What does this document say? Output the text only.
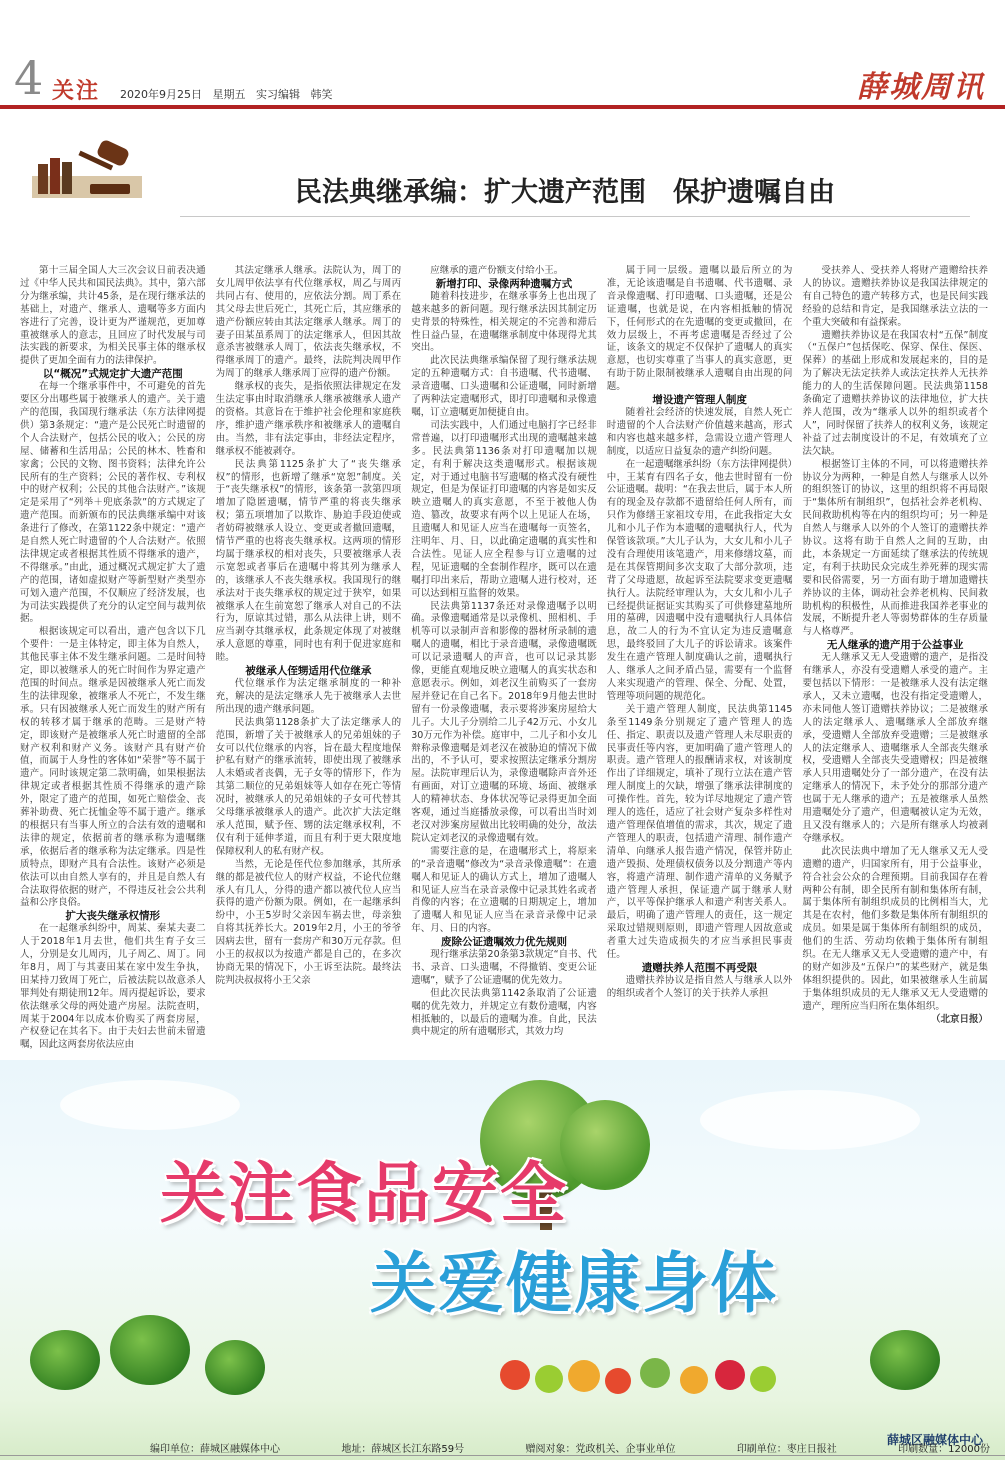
4 关注 2020年9月25日   星期五   实习编辑   韩笑	薛城周讯
民法典继承编：扩大遗产范围　保护遗嘱自由

第十三届全国人大三次会议日前表决通过《中华人民共和国民法典》。其中，第六部分为继承编，共计45条，是在现行继承法的基础上，对遗产、继承人、遗嘱等多方面内容进行了完善，设计更为严谨规范，更加尊重被继承人的意志，且回应了时代发展与司法实践的新要求，为相关民事主体的继承权提供了更加全面有力的法律保护。

以“概况”式规定扩大遗产范围

在每一个继承事件中，不可避免的首先要区分出哪些属于被继承人的遗产。关于遗产的范围，我国现行继承法（东方法律网提供）第3条规定：“遗产是公民死亡时遗留的个人合法财产，包括公民的收入；公民的房屋、储蓄和生活用品；公民的林木、牲畜和家禽；公民的文物、图书资料；法律允许公民所有的生产资料；公民的著作权、专利权中的财产权利；公民的其他合法财产。”该规定是采用了“列举＋兜底条款”的方式规定了遗产范围。而新颁布的民法典继承编中对该条进行了修改，在第1122条中规定：“遗产是自然人死亡时遗留的个人合法财产。依照法律规定或者根据其性质不得继承的遗产，不得继承。”由此，通过概况式规定扩大了遗产的范围，诸如虚拟财产等新型财产类型亦可划入遗产范围，不仅顺应了经济发展，也为司法实践提供了充分的认定空间与裁判依据。

根据该规定可以看出，遗产包含以下几个要件：一是主体特定，即主体为自然人，其他民事主体不发生继承问题。二是时间特定，即以被继承人的死亡时间作为界定遗产范围的时间点。继承是因被继承人死亡而发生的法律现象，被继承人不死亡，不发生继承。只有因被继承人死亡而发生的财产所有权的转移才属于继承的范畴。三是财产特定，即该财产是被继承人死亡时遗留的全部财产权利和财产义务。该财产具有财产价值，而属于人身性的客体如“荣誉”等不属于遗产。同时该规定第二款明确，如果根据法律规定或者根据其性质不得继承的遗产除外，限定了遗产的范围，如死亡赔偿金、丧葬补助费、死亡抚恤金等不属于遗产。继承的根据只有当事人所立的合法有效的遗嘱和法律的规定，依据前者的继承称为遗嘱继承，依据后者的继承称为法定继承。四是性质特点，即财产具有合法性。该财产必须是依法可以由自然人享有的，并且是自然人有合法取得依据的财产，不得违反社会公共利益和公序良俗。

扩大丧失继承权情形

在一起继承纠纷中，周某、秦某夫妻二人于2018年1月去世，他们共生育子女三人，分别是女儿周丙，儿子周乙、周丁。同年8月，周丁与其妻田某在家中发生争执，田某持刀致周丁死亡，后被法院以故意杀人罪判处有期徒刑12年。周丙提起诉讼，要求依法继承父母的两处遗产房屋。法院查明，周某于2004年以成本价购买了两套房屋，产权登记在其名下。由于夫妇去世前未留遗嘱，因此这两套房依法应由

其法定继承人继承。法院认为，周丁的女儿周甲依法享有代位继承权，周乙与周丙共同占有、使用的，应依法分割。周丁系在其父母去世后死亡，其死亡后，其应继承的遗产份额应转由其法定继承人继承。周丁的妻子田某虽系周丁的法定继承人，但因其故意杀害被继承人周丁，依法丧失继承权，不得继承周丁的遗产。最终，法院判决周甲作为周丁的继承人继承周丁应得的遗产份额。

继承权的丧失，是指依照法律规定在发生法定事由时取消继承人继承被继承人遗产的资格。其意旨在于维护社会伦理和家庭秩序，维护遗产继承秩序和被继承人的遗嘱自由。当然，非有法定事由，非经法定程序，继承权不能被剥夺。

民法典第1125条扩大了“丧失继承权”的情形，也新增了继承“宽恕”制度。关于“丧失继承权”的情形，该条第一款第四项增加了隐匿遗嘱，情节严重的将丧失继承权；第五项增加了以欺诈、胁迫手段迫使或者妨碍被继承人设立、变更或者撤回遗嘱，情节严重的也将丧失继承权。这两项的情形均属于继承权的相对丧失，只要被继承人表示宽恕或者事后在遗嘱中将其列为继承人的，该继承人不丧失继承权。我国现行的继承法对于丧失继承权的规定过于狭窄，如果被继承人在生前宽恕了继承人对自己的不法行为，原谅其过错，那么从法律上讲，则不应当剥夺其继承权，此条规定体现了对被继承人意愿的尊重，同时也有利于促进家庭和睦。

被继承人侄甥适用代位继承

代位继承作为法定继承制度的一种补充，解决的是法定继承人先于被继承人去世所出现的遗产继承问题。

民法典第1128条扩大了法定继承人的范围，新增了关于被继承人的兄弟姐妹的子女可以代位继承的内容，旨在最大程度地保护私有财产的继承流转，即使出现了被继承人未婚或者丧偶，无子女等的情形下，作为其第二顺位的兄弟姐妹等人如存在死亡等情况时，被继承人的兄弟姐妹的子女可代替其父母继承被继承人的遗产。此次扩大法定继承人范围，赋予侄、甥的法定继承权利，不仅有利于延伸孝道，而且有利于更大限度地保障权利人的私有财产权。

当然，无论是侄代位参加继承，其所承继的都是被代位人的财产权益，不论代位继承人有几人，分得的遗产都以被代位人应当获得的遗产份额为限。例如，在一起继承纠纷中，小王5岁时父亲因车祸去世，母亲独自将其抚养长大。2019年2月，小王的爷爷因病去世，留有一套房产和30万元存款。但小王的叔叔以为按遗产都是自己的，在多次协商无果的情况下，小王诉至法院。最终法院判决叔叔将小王父亲

应继承的遗产份额支付给小王。

新增打印、录像两种遗嘱方式

随着科技进步，在继承事务上也出现了越来越多的新问题。现行继承法因其制定历史背景的特殊性，相关规定的不完善和滞后性日益凸显，在遗嘱继承制度中体现得尤其突出。

此次民法典继承编保留了现行继承法规定的五种遗嘱方式：自书遗嘱、代书遗嘱、录音遗嘱、口头遗嘱和公证遗嘱，同时新增了两种法定遗嘱形式，即打印遗嘱和录像遗嘱，订立遗嘱更加便捷自由。

司法实践中，人们通过电脑打字已经非常普遍，以打印遗嘱形式出现的遗嘱越来越多。民法典第1136条对打印遗嘱加以规定，有利于解决这类遗嘱形式。根据该规定，对于通过电脑书写遗嘱的格式没有硬性规定，但是为保证打印遗嘱的内容是如实反映立遗嘱人的真实意愿，不至于被他人伪造、篡改，故要求有两个以上见证人在场，且遗嘱人和见证人应当在遗嘱每一页签名，注明年、月、日，以此确定遗嘱的真实性和合法性。见证人应全程参与订立遗嘱的过程，见证遗嘱的全套制作程序，既可以在遗嘱打印出来后，帮助立遗嘱人进行校对，还可以达到相互监督的效果。

民法典第1137条还对录像遗嘱予以明确。录像遗嘱通常是以录像机、照相机、手机等可以录制声音和影像的器材所录制的遗嘱人的遗嘱，相比于录音遗嘱，录像遗嘱既可以记录遗嘱人的声音，也可以记录其影像，更能直观地反映立遗嘱人的真实状态和意愿表示。例如，刘老汉生前购买了一套房屋并登记在自己名下。2018年9月他去世时留有一份录像遗嘱，表示要将涉案房屋给大儿子。大儿子分别给二儿子42万元、小女儿30万元作为补偿。庭审中，二儿子和小女儿辩称录像遗嘱是刘老汉在被胁迫的情况下做出的，不予认可，要求按照法定继承分割房屋。法院审理后认为，录像遗嘱除声音外还有画面，对订立遗嘱的环境、场面、被继承人的精神状态、身体状况等记录得更加全面客观，通过当庭播放录像，可以看出当时刘老汉对涉案房屋做出比较明确的处分，故法院认定刘老汉的录像遗嘱有效。

需要注意的是，在遗嘱形式上，将原来的“录音遗嘱”修改为“录音录像遗嘱”：在遗嘱人和见证人的确认方式上，增加了遗嘱人和见证人应当在录音录像中记录其姓名或者肖像的内容；在立遗嘱的日期规定上，增加了遗嘱人和见证人应当在录音录像中记录年、月、日的内容。

废除公证遗嘱效力优先规则

现行继承法第20条第3款规定“自书、代书、录音、口头遗嘱，不得撤销、变更公证遗嘱”，赋予了公证遗嘱的优先效力。

但此次民法典第1142条取消了公证遗嘱的优先效力，并规定立有数份遗嘱，内容相抵触的，以最后的遗嘱为准。自此，民法典中规定的所有遗嘱形式，其效力均

属于同一层级。遗嘱以最后所立的为准，无论该遗嘱是自书遗嘱、代书遗嘱、录音录像遗嘱、打印遗嘱、口头遗嘱，还是公证遗嘱，也就是说，在内容相抵触的情况下，任何形式的在先遗嘱的变更或撤回，在效力层级上，不再考虑遗嘱是否经过了公证，该条文的规定不仅保护了遗嘱人的真实意愿，也切实尊重了当事人的真实意愿，更有助于防止限制被继承人遗嘱自由出现的问题。

增设遗产管理人制度

随着社会经济的快速发展，自然人死亡时遗留的个人合法财产价值越来越高，形式和内容也越来越多样，急需设立遗产管理人制度，以适应日益复杂的遗产纠纷问题。

在一起遗嘱继承纠纷（东方法律网提供）中，王某育有四名子女，他去世时留有一份公证遗嘱。裁明：“在我去世后，属于本人所有的现金及存款都不遗留给任何人所有，而只作为修缮王家祖坟专用，在此我指定大女儿和小儿子作为本遗嘱的遗嘱执行人，代为保管该款项。”大儿子认为，大女儿和小儿子没有合理使用该笔遗产，用来修缮坟墓，而是在其保管期间多次支取了大部分款项，违背了父母遗愿，故起诉至法院要求变更遗嘱执行人。法院经审理认为，大女儿和小儿子已经提供证据证实其购买了可供修建墓地所用的墓碑，因遗嘱中没有遗嘱执行人具体信息，故二人的行为不宜认定为违反遗嘱意思，最终驳回了大儿子的诉讼请求。该案件发生在遗产管理人制度确认之前，遗嘱执行人、继承人之间矛盾凸显，需要有一个监督人来实现遗产的管理、保全、分配、处置，管理等项问题的规范化。

关于遗产管理人制度，民法典第1145条至1149条分别规定了遗产管理人的选任、指定、职责以及遗产管理人未尽职责的民事责任等内容，更加明确了遗产管理人的职责。遗产管理人的报酬请求权，对该制度作出了详细规定，填补了现行立法在遗产管理人制度上的欠缺，增强了继承法律制度的可操作性。首先，较为详尽地规定了遗产管理人的选任，适应了社会财产复杂多样性对遗产管理保值增值的需求，其次，规定了遗产管理人的职责，包括遗产清理、制作遗产清单、向继承人报告遗产情况，保管并防止遗产毁损、处理债权债务以及分割遗产等内容，将遗产清理、制作遗产清单的义务赋予遗产管理人承担，保证遗产属于继承人财产，以平等保护继承人和遗产利害关系人。最后，明确了遗产管理人的责任，这一规定采取过错规则原则，即遗产管理人因故意或者重大过失造成损失的才应当承担民事责任。

遗赠扶养人范围不再受限

遗赠扶养协议是指自然人与继承人以外的组织或者个人签订的关于扶养人承担

受扶养人、受扶养人将财产遗赠给扶养人的协议。遗赠扶养协议是我国法律规定的有自己特色的遗产转移方式，也是民间实践经验的总结和肯定，是我国继承法立法的一个重大突破和有益探索。

遗赠扶养协议是在我国农村“五保”制度（“五保户”包括保吃、保穿、保住、保医、保葬）的基础上形成和发展起来的，目的是为了解决无法定扶养人或法定扶养人无扶养能力的人的生活保障问题。民法典第1158条确定了遗赠扶养协议的法律地位，扩大扶养人范围，改为“继承人以外的组织或者个人”，同时保留了扶养人的权利义务，该规定补益了过去制度设计的不足，有效填充了立法欠缺。

根据签订主体的不同，可以将遗赠扶养协议分为两种，一种是自然人与继承人以外的组织签订的协议，这里的组织将不再局限于“集体所有制组织”，包括社会养老机构、民间救助机构等在内的组织均可；另一种是自然人与继承人以外的个人签订的遗赠扶养协议。这将有助于自然人之间的互助，由此，本条规定一方面延续了继承法的传统规定，有利于扶助民众完成生养死葬的现实需要和民俗需要，另一方面有助于增加遗赠扶养协议的主体，调动社会养老机构、民间救助机构的积极性，从而推进我国养老事业的发展，不断提升老人等弱势群体的生存质量与人格尊严。

无人继承的遗产用于公益事业

无人继承又无人受遗赠的遗产，是指没有继承人，亦没有受遗赠人承受的遗产。主要包括以下情形：一是被继承人没有法定继承人，又未立遗嘱，也没有指定受遗赠人，亦未同他人签订遗赠扶养协议；二是被继承人的法定继承人、遗嘱继承人全部放弃继承，受遗赠人全部放弃受遗赠；三是被继承人的法定继承人、遗嘱继承人全部丧失继承权，受遗赠人全部丧失受遗赠权；四是被继承人只用遗嘱处分了一部分遗产，在没有法定继承人的情况下，未予处分的那部分遗产也属于无人继承的遗产；五是被继承人虽然用遗嘱处分了遗产，但遗嘱被认定为无效，且又没有继承人的；六是所有继承人均被剥夺继承权。

此次民法典中增加了无人继承又无人受遗赠的遗产，归国家所有，用于公益事业，符合社会公众的合理预期。目前我国存在着两种公有制，即全民所有制和集体所有制，属于集体所有制组织成员的比例相当大，尤其是在农村，他们多数是集体所有制组织的成员。如果是属于集体所有制组织的成员，他们的生活、劳动均依赖于集体所有制组织。在无人继承又无人受遗赠的遗产中，有的财产如涉及“五保户”的某些财产，就是集体组织提供的。因此，如果被继承人生前属于集体组织成员的无人继承又无人受遗赠的遗产，理所应当归所在集体组织。

（北京日报）

关注食品安全
关爱健康身体
薛城区融媒体中心
编印单位：薛城区融媒体中心	地址：薛城区长江东路59号	赠阅对象：党政机关、企事业单位	印刷单位：枣庄日报社	印刷数量：12000份
